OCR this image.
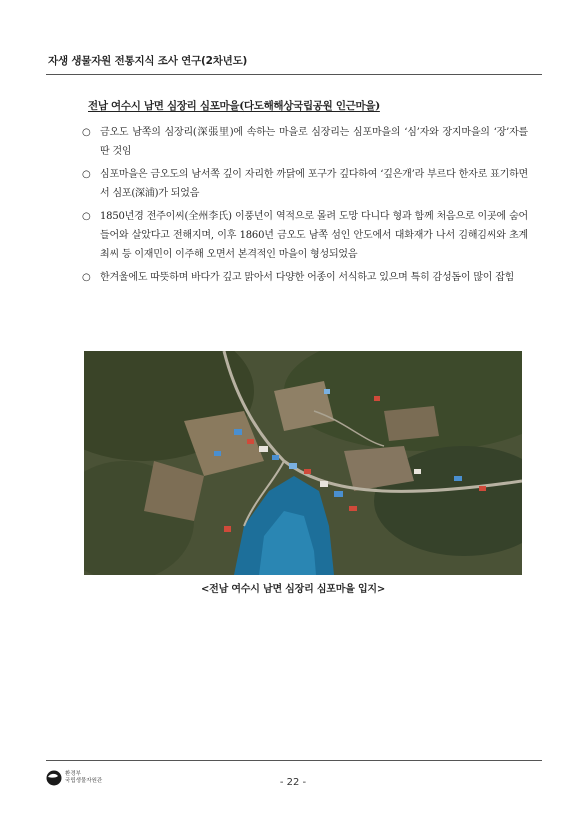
자생 생물자원 전통지식 조사 연구(2차년도)
전남 여수시 남면 심장리 심포마을(다도해해상국립공원 인근마을)
○ 금오도 남쪽의 심장리(深張里)에 속하는 마을로 심장리는 심포마을의 ‘심’자와 장지마을의 ‘장’자를 딴 것임
○ 심포마을은 금오도의 남서쪽 깊이 자리한 까닭에 포구가 깊다하여 ‘깊은개’라 부르다 한자로 표기하면서 심포(深浦)가 되었음
○ 1850년경 전주이씨(全州李氏) 이풍년이 역적으로 몰려 도망 다니다 형과 함께 처음으로 이곳에 숨어 들어와 살았다고 전해지며, 이후 1860년 금오도 남쪽 섬인 안도에서 대화재가 나서 김해김씨와 초계최씨 등 이재민이 이주해 오면서 본격적인 마을이 형성되었음
○ 한겨울에도 따뜻하며 바다가 깊고 맑아서 다양한 어종이 서식하고 있으며 특히 감성돔이 많이 잡힘
<전남 여수시 남면 심장리 심포마을 입지>
환경부
국립생물자원관	- 22 -
